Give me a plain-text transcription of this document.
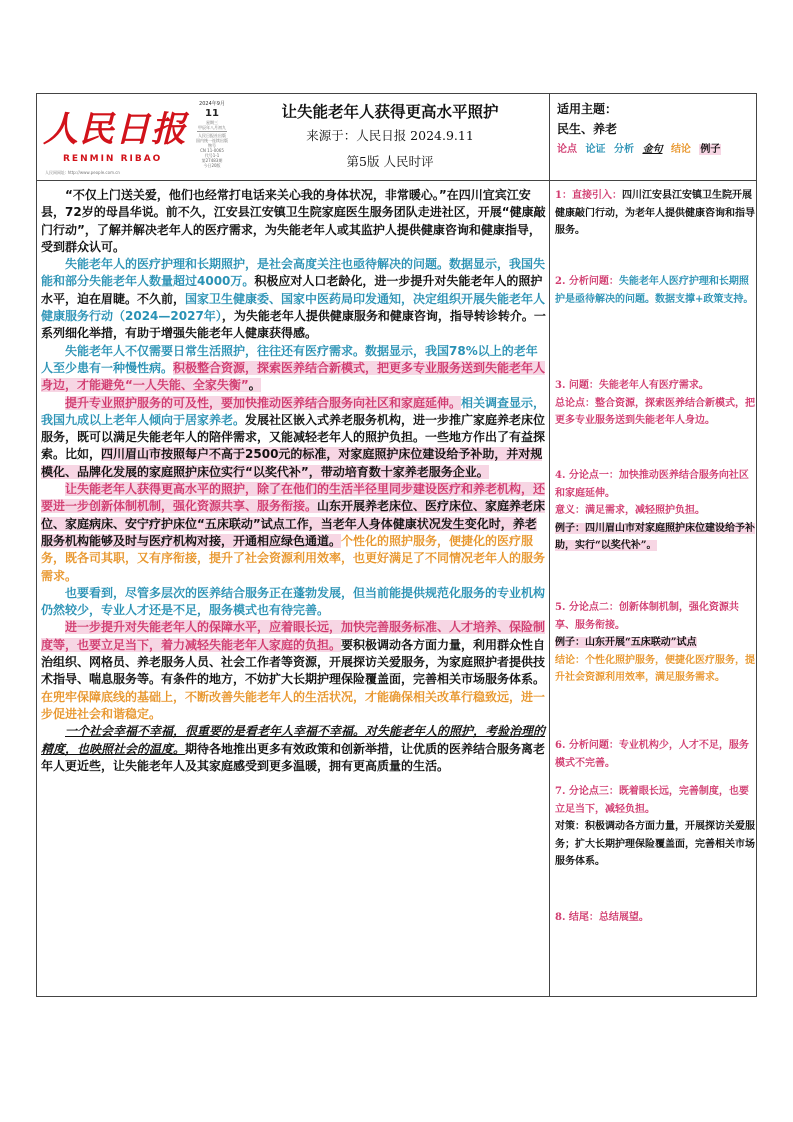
人民日报
RENMIN RIBAO
人民网网址: http://www.people.com.cn
2024年9月
11
星期三
甲辰年八月初九
人民日报社出版
国内统一连续出版物号
CN 11-0065
代号1-1
第27483期
今日20版
让失能老年人获得更高水平照护
来源于：人民日报 2024.9.11
第5版 人民时评
适用主题：
民生、养老
论点 论证 分析 金句 结论 例子

“不仅上门送关爱，他们也经常打电话来关心我的身体状况，非常暖心。”在四川宜宾江安县，72岁的母昌华说。前不久，江安县江安镇卫生院家庭医生服务团队走进社区，开展“健康敲门行动”，了解并解决老年人的医疗需求，为失能老年人或其监护人提供健康咨询和健康指导，受到群众认可。

失能老年人的医疗护理和长期照护，是社会高度关注也亟待解决的问题。数据显示，我国失能和部分失能老年人数量超过4000万。积极应对人口老龄化，进一步提升对失能老年人的照护水平，迫在眉睫。不久前，国家卫生健康委、国家中医药局印发通知，决定组织开展失能老年人健康服务行动（2024—2027年），为失能老年人提供健康服务和健康咨询，指导转诊转介。一系列细化举措，有助于增强失能老年人健康获得感。

失能老年人不仅需要日常生活照护，往往还有医疗需求。数据显示，我国78%以上的老年人至少患有一种慢性病。积极整合资源，探索医养结合新模式，把更多专业服务送到失能老年人身边，才能避免“一人失能、全家失衡”。

提升专业照护服务的可及性，要加快推动医养结合服务向社区和家庭延伸。相关调查显示，我国九成以上老年人倾向于居家养老。发展社区嵌入式养老服务机构，进一步推广家庭养老床位服务，既可以满足失能老年人的陪伴需求，又能减轻老年人的照护负担。一些地方作出了有益探索。比如，四川眉山市按照每户不高于2500元的标准，对家庭照护床位建设给予补助，并对规模化、品牌化发展的家庭照护床位实行“以奖代补”，带动培育数十家养老服务企业。

让失能老年人获得更高水平的照护，除了在他们的生活半径里同步建设医疗和养老机构，还要进一步创新体制机制，强化资源共享、服务衔接。山东开展养老床位、医疗床位、家庭养老床位、家庭病床、安宁疗护床位“五床联动”试点工作，当老年人身体健康状况发生变化时，养老服务机构能够及时与医疗机构对接，开通相应绿色通道。个性化的照护服务，便捷化的医疗服务，既各司其职，又有序衔接，提升了社会资源利用效率，也更好满足了不同情况老年人的服务需求。

也要看到，尽管多层次的医养结合服务正在蓬勃发展，但当前能提供规范化服务的专业机构仍然较少，专业人才还是不足，服务模式也有待完善。

进一步提升对失能老年人的保障水平，应着眼长远，加快完善服务标准、人才培养、保险制度等，也要立足当下，着力减轻失能老年人家庭的负担。要积极调动各方面力量，利用群众性自治组织、网格员、养老服务人员、社会工作者等资源，开展探访关爱服务，为家庭照护者提供技术指导、喘息服务等。有条件的地方，不妨扩大长期护理保险覆盖面，完善相关市场服务体系。在兜牢保障底线的基础上，不断改善失能老年人的生活状况，才能确保相关改革行稳致远，进一步促进社会和谐稳定。

一个社会幸福不幸福，很重要的是看老年人幸福不幸福。对失能老年人的照护，考验治理的精度，也映照社会的温度。期待各地推出更多有效政策和创新举措，让优质的医养结合服务离老年人更近些，让失能老年人及其家庭感受到更多温暖，拥有更高质量的生活。

1：直接引入：四川江安县江安镇卫生院开展健康敲门行动，为老年人提供健康咨询和指导服务。
2. 分析问题：失能老年人医疗护理和长期照护是亟待解决的问题。数据支撑+政策支持。
3. 问题：失能老年人有医疗需求。
总论点：整合资源，探索医养结合新模式，把更多专业服务送到失能老年人身边。
4. 分论点一：加快推动医养结合服务向社区和家庭延伸。
意义：满足需求，减轻照护负担。
例子：四川眉山市对家庭照护床位建设给予补助，实行“以奖代补”。
5. 分论点二：创新体制机制，强化资源共享、服务衔接。
例子：山东开展“五床联动”试点
结论：个性化照护服务，便捷化医疗服务，提升社会资源利用效率，满足服务需求。
6. 分析问题：专业机构少，人才不足，服务模式不完善。
7. 分论点三：既着眼长远，完善制度，也要立足当下，减轻负担。
对策：积极调动各方面力量，开展探访关爱服务；扩大长期护理保险覆盖面，完善相关市场服务体系。
8. 结尾：总结展望。
